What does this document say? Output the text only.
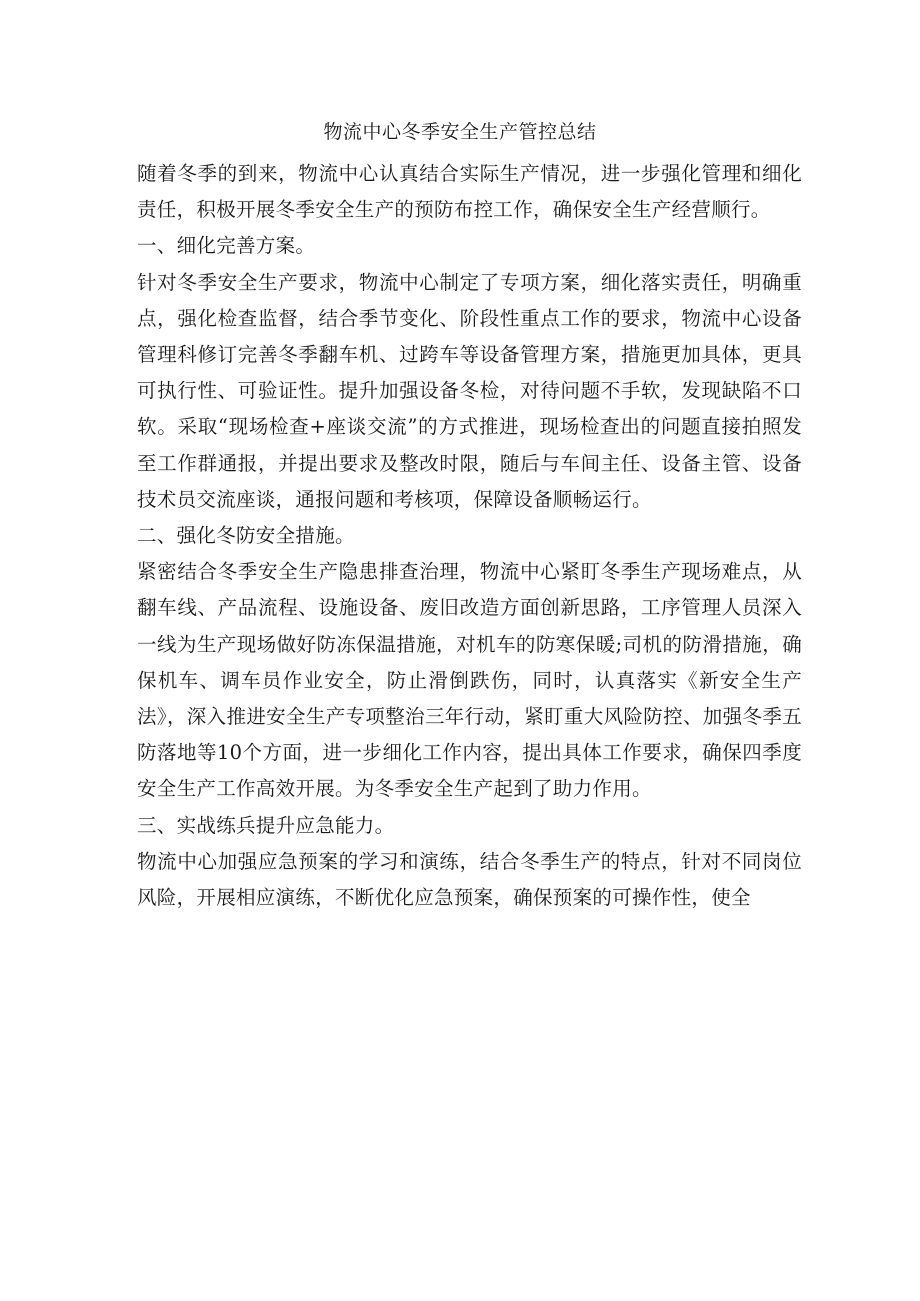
物流中心冬季安全生产管控总结

随着冬季的到来，物流中心认真结合实际生产情况，进一步强化管理和细化责任，积极开展冬季安全生产的预防布控工作，确保安全生产经营顺行。

一、细化完善方案。

针对冬季安全生产要求，物流中心制定了专项方案，细化落实责任，明确重点，强化检查监督，结合季节变化、阶段性重点工作的要求，物流中心设备管理科修订完善冬季翻车机、过跨车等设备管理方案，措施更加具体，更具可执行性、可验证性。提升加强设备冬检，对待问题不手软，发现缺陷不口软。采取“现场检查+座谈交流”的方式推进，现场检查出的问题直接拍照发至工作群通报，并提出要求及整改时限，随后与车间主任、设备主管、设备技术员交流座谈，通报问题和考核项，保障设备顺畅运行。

二、强化冬防安全措施。

紧密结合冬季安全生产隐患排查治理，物流中心紧盯冬季生产现场难点，从翻车线、产品流程、设施设备、废旧改造方面创新思路，工序管理人员深入一线为生产现场做好防冻保温措施，对机车的防寒保暖;司机的防滑措施，确保机车、调车员作业安全，防止滑倒跌伤，同时，认真落实《新安全生产法》，深入推进安全生产专项整治三年行动，紧盯重大风险防控、加强冬季五防落地等10个方面，进一步细化工作内容，提出具体工作要求，确保四季度安全生产工作高效开展。为冬季安全生产起到了助力作用。

三、实战练兵提升应急能力。

物流中心加强应急预案的学习和演练，结合冬季生产的特点，针对不同岗位风险，开展相应演练，不断优化应急预案，确保预案的可操作性，使全
